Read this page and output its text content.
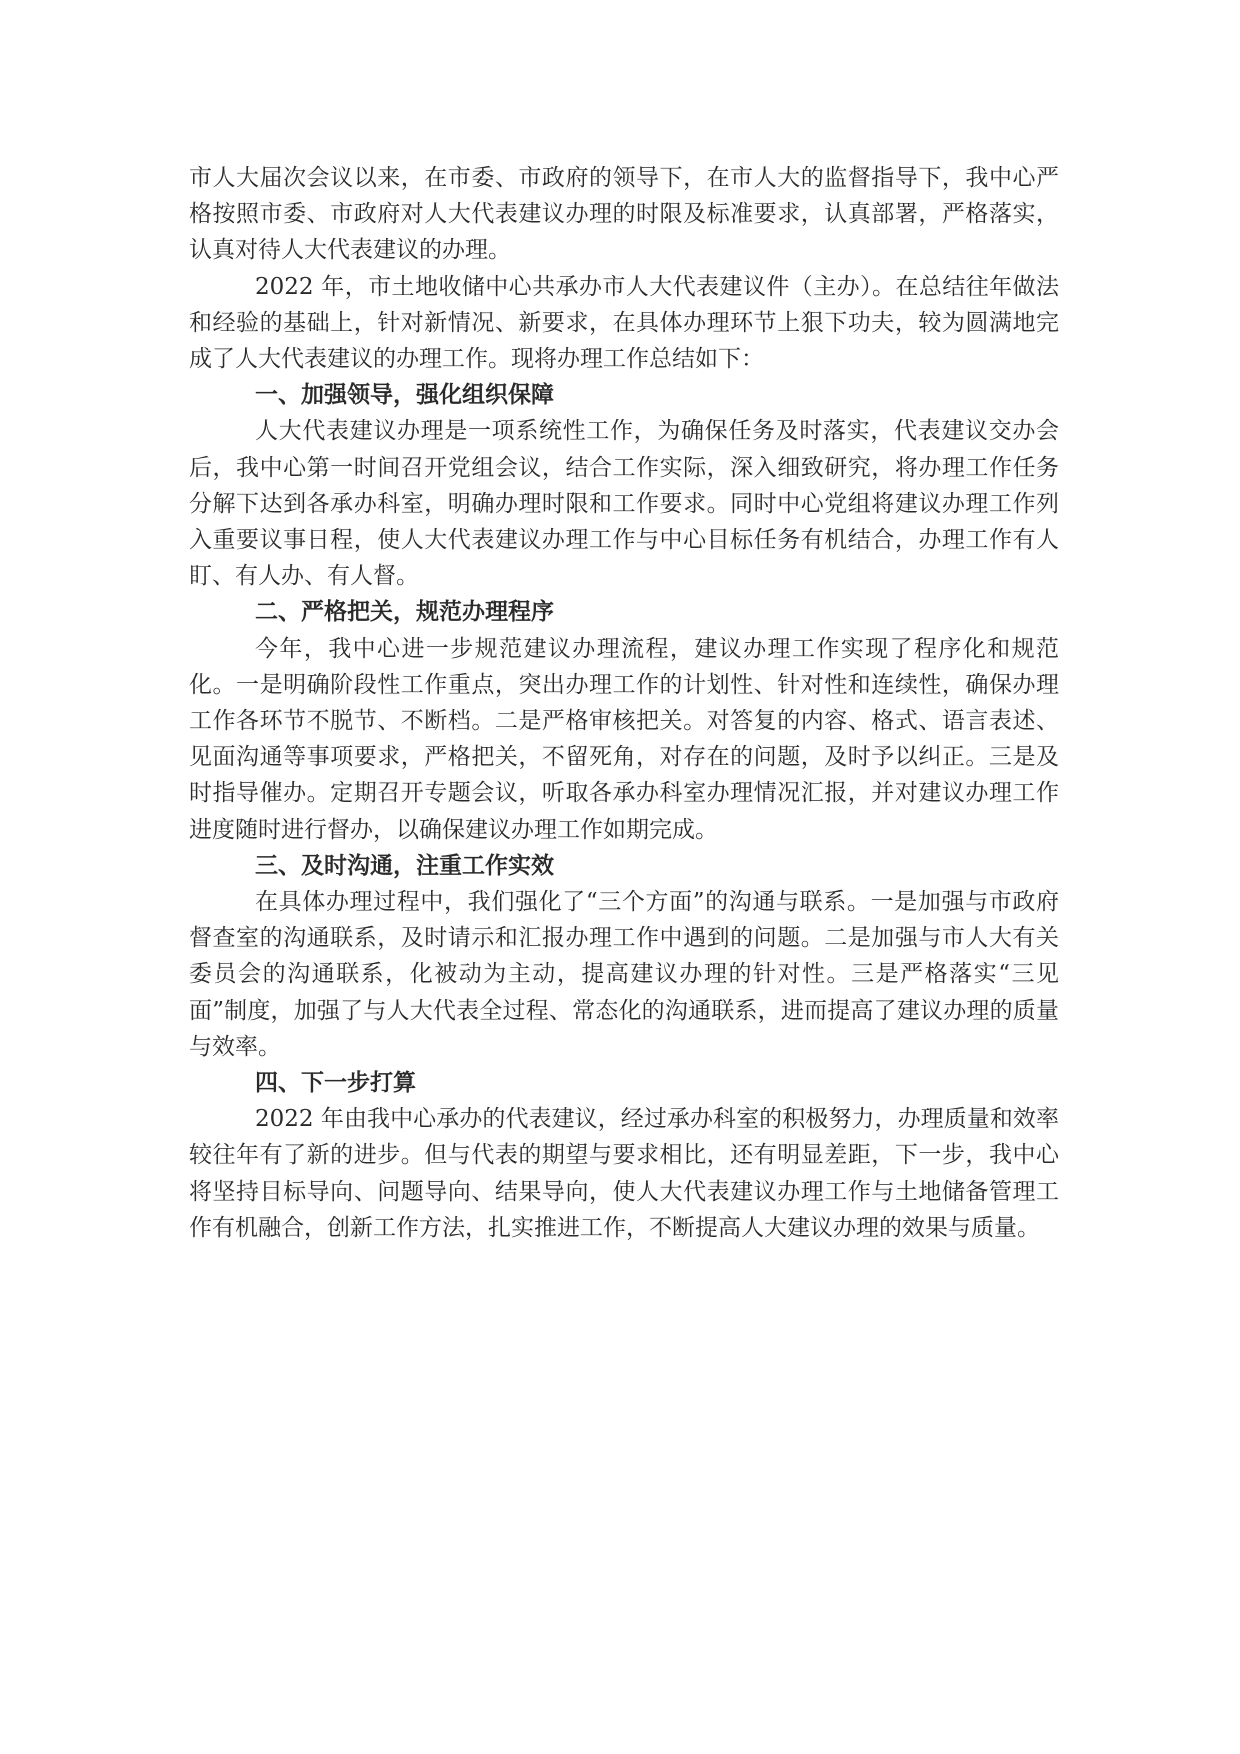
市人大届次会议以来，在市委、市政府的领导下，在市人大的监督指导下，我中心严格按照市委、市政府对人大代表建议办理的时限及标准要求，认真部署，严格落实，认真对待人大代表建议的办理。

2022 年，市土地收储中心共承办市人大代表建议件（主办）。在总结往年做法和经验的基础上，针对新情况、新要求，在具体办理环节上狠下功夫，较为圆满地完成了人大代表建议的办理工作。现将办理工作总结如下：

一、加强领导，强化组织保障

人大代表建议办理是一项系统性工作，为确保任务及时落实，代表建议交办会后，我中心第一时间召开党组会议，结合工作实际，深入细致研究，将办理工作任务分解下达到各承办科室，明确办理时限和工作要求。同时中心党组将建议办理工作列入重要议事日程，使人大代表建议办理工作与中心目标任务有机结合，办理工作有人盯、有人办、有人督。

二、严格把关，规范办理程序

今年，我中心进一步规范建议办理流程，建议办理工作实现了程序化和规范化。一是明确阶段性工作重点，突出办理工作的计划性、针对性和连续性，确保办理工作各环节不脱节、不断档。二是严格审核把关。对答复的内容、格式、语言表述、见面沟通等事项要求，严格把关，不留死角，对存在的问题，及时予以纠正。三是及时指导催办。定期召开专题会议，听取各承办科室办理情况汇报，并对建议办理工作进度随时进行督办，以确保建议办理工作如期完成。

三、及时沟通，注重工作实效

在具体办理过程中，我们强化了“三个方面”的沟通与联系。一是加强与市政府督查室的沟通联系，及时请示和汇报办理工作中遇到的问题。二是加强与市人大有关委员会的沟通联系，化被动为主动，提高建议办理的针对性。三是严格落实“三见面”制度，加强了与人大代表全过程、常态化的沟通联系，进而提高了建议办理的质量与效率。

四、下一步打算

2022 年由我中心承办的代表建议，经过承办科室的积极努力，办理质量和效率较往年有了新的进步。但与代表的期望与要求相比，还有明显差距，下一步，我中心将坚持目标导向、问题导向、结果导向，使人大代表建议办理工作与土地储备管理工作有机融合，创新工作方法，扎实推进工作，不断提高人大建议办理的效果与质量。
